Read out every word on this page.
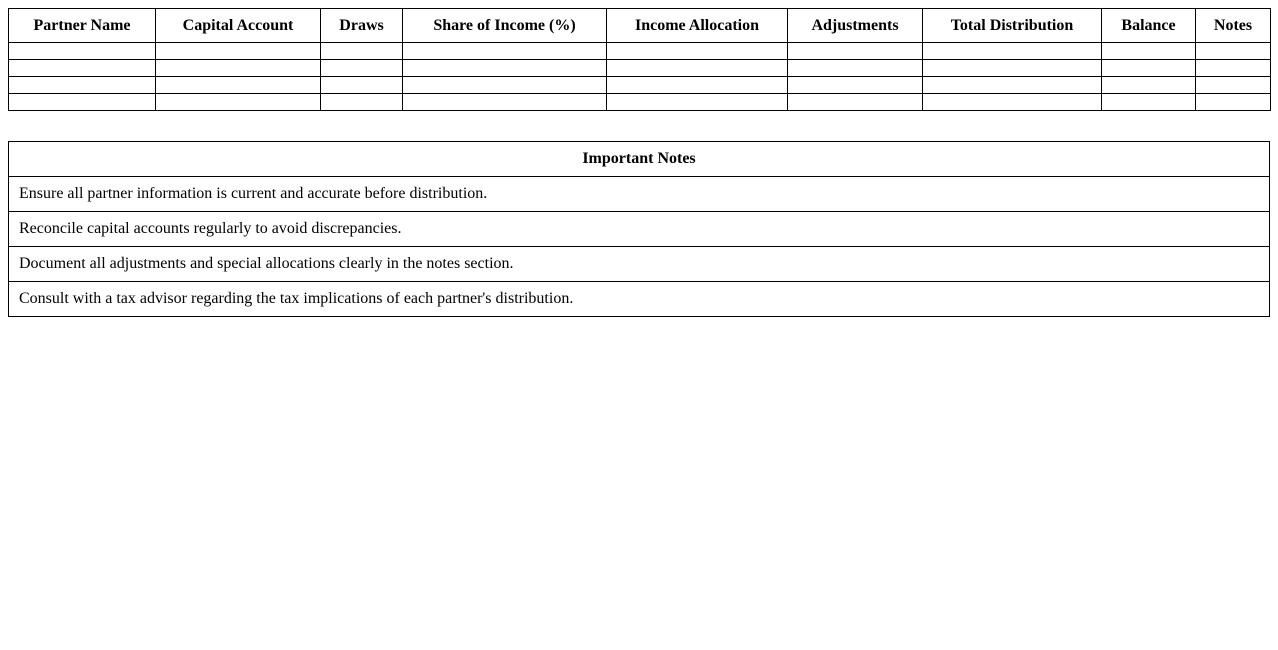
Partner Name	Capital Account	Draws	Share of Income (%)	Income Allocation	Adjustments	Total Distribution	Balance	Notes

Important Notes
Ensure all partner information is current and accurate before distribution.
Reconcile capital accounts regularly to avoid discrepancies.
Document all adjustments and special allocations clearly in the notes section.
Consult with a tax advisor regarding the tax implications of each partner's distribution.
